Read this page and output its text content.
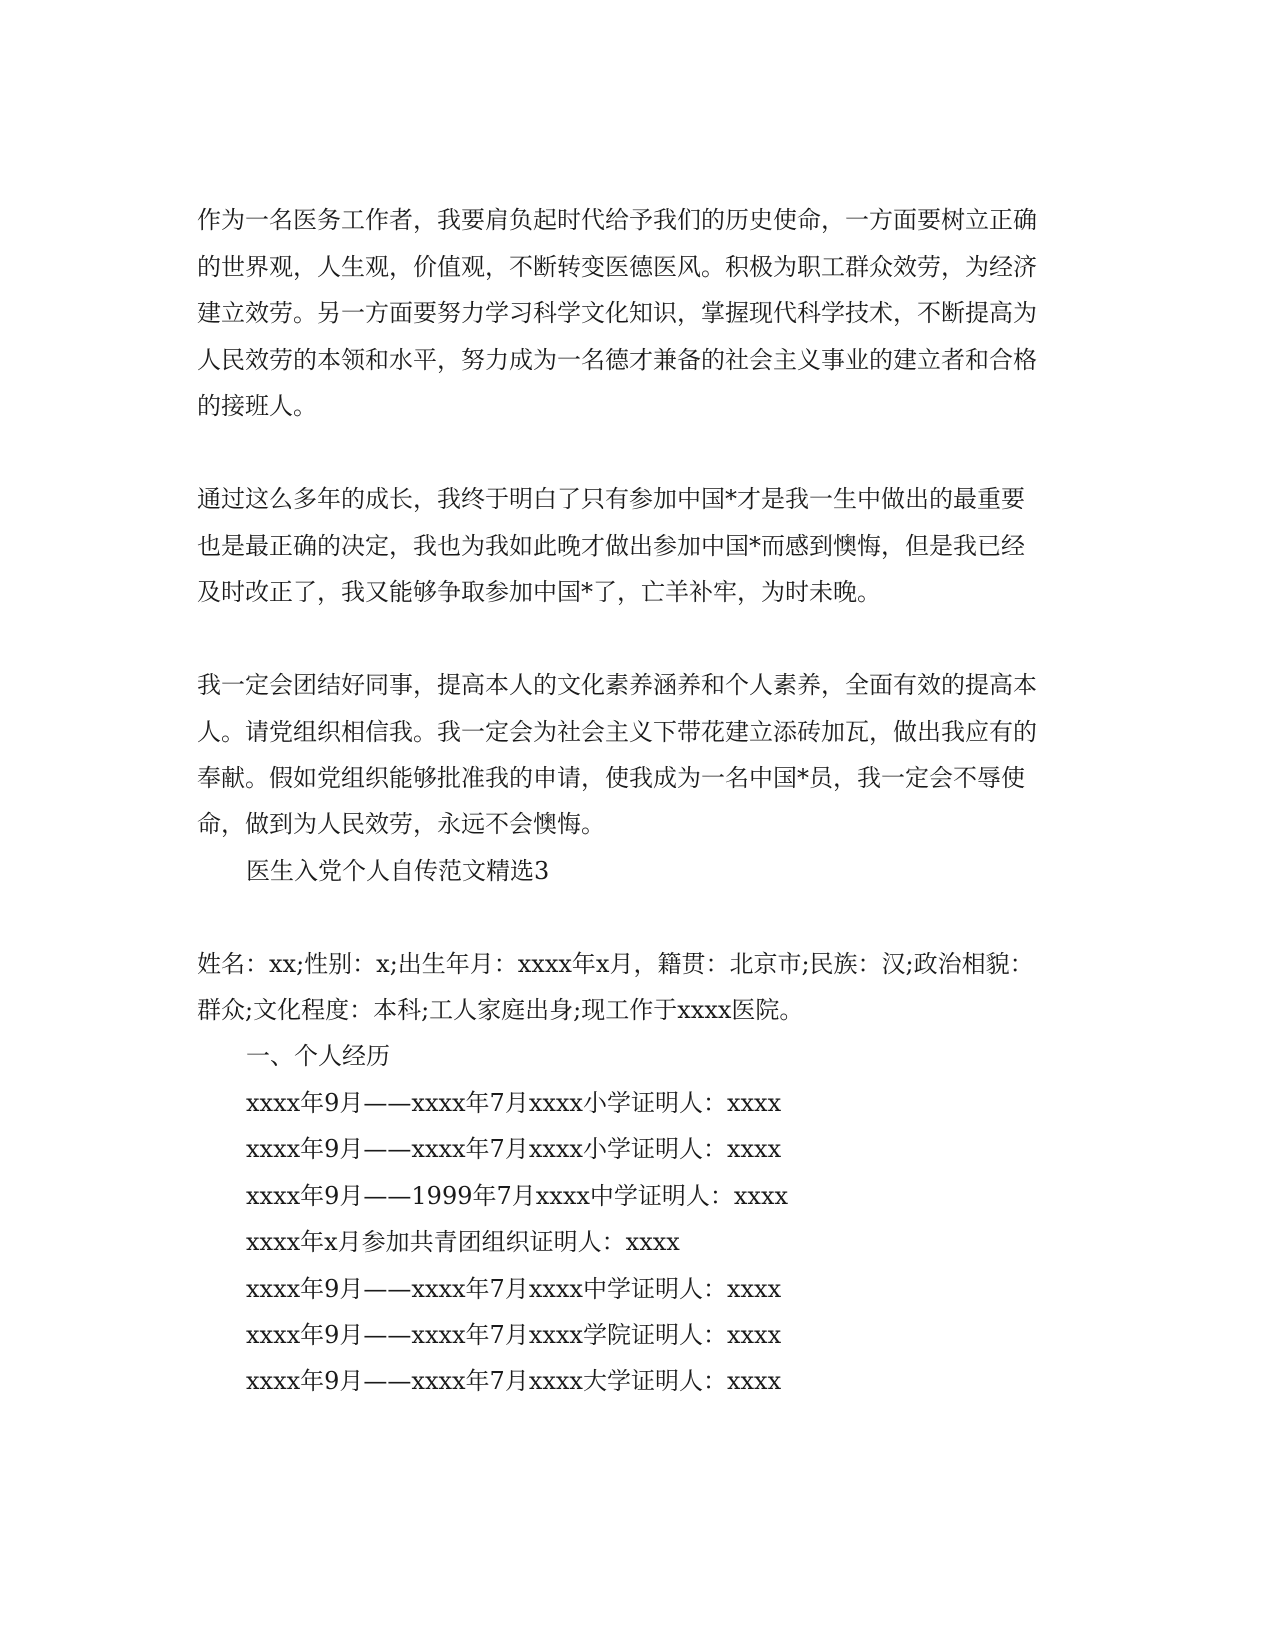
作为一名医务工作者，我要肩负起时代给予我们的历史使命，一方面要树立正确
的世界观，人生观，价值观，不断转变医德医风。积极为职工群众效劳，为经济
建立效劳。另一方面要努力学习科学文化知识，掌握现代科学技术，不断提高为
人民效劳的本领和水平，努力成为一名德才兼备的社会主义事业的建立者和合格
的接班人。
通过这么多年的成长，我终于明白了只有参加中国*才是我一生中做出的最重要
也是最正确的决定，我也为我如此晚才做出参加中国*而感到懊悔，但是我已经
及时改正了，我又能够争取参加中国*了，亡羊补牢，为时未晚。
我一定会团结好同事，提高本人的文化素养涵养和个人素养，全面有效的提高本
人。请党组织相信我。我一定会为社会主义下带花建立添砖加瓦，做出我应有的
奉献。假如党组织能够批准我的申请，使我成为一名中国*员，我一定会不辱使
命，做到为人民效劳，永远不会懊悔。
医生入党个人自传范文精选3
姓名：xx;性别：x;出生年月：xxxx年x月，籍贯：北京市;民族：汉;政治相貌：
群众;文化程度：本科;工人家庭出身;现工作于xxxx医院。
一、个人经历
xxxx年9月——xxxx年7月xxxx小学证明人：xxxx
xxxx年9月——xxxx年7月xxxx小学证明人：xxxx
xxxx年9月——1999年7月xxxx中学证明人：xxxx
xxxx年x月参加共青团组织证明人：xxxx
xxxx年9月——xxxx年7月xxxx中学证明人：xxxx
xxxx年9月——xxxx年7月xxxx学院证明人：xxxx
xxxx年9月——xxxx年7月xxxx大学证明人：xxxx
